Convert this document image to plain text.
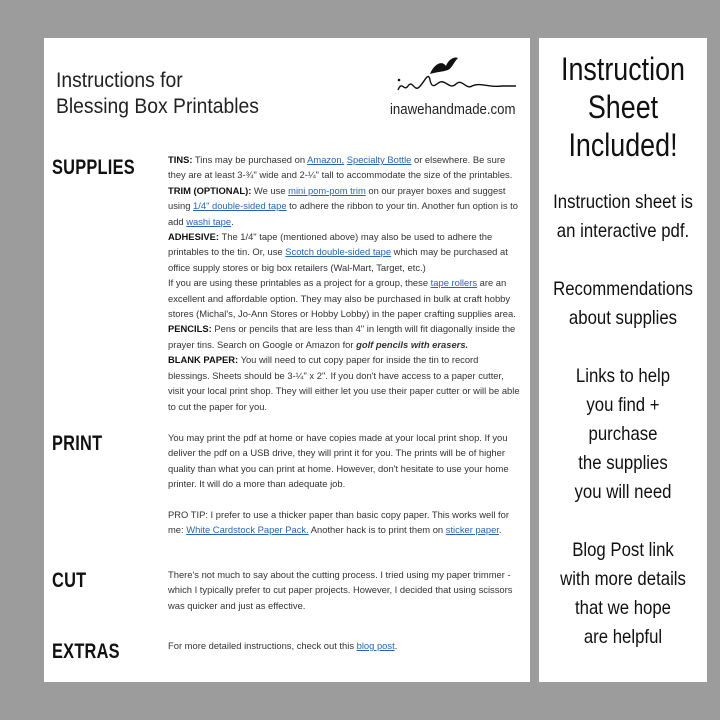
Instructions for
Blessing Box Printables	inawehandmade.com
SUPPLIES	TINS: Tins may be purchased on Amazon, Specialty Bottle or elsewhere. Be sure they are at least 3-¾" wide and 2-¼" tall to accommodate the size of the printables.
TRIM (OPTIONAL): We use mini pom-pom trim on our prayer boxes and suggest using 1/4" double-sided tape to adhere the ribbon to your tin. Another fun option is to add washi tape.
ADHESIVE: The 1/4" tape (mentioned above) may also be used to adhere the printables to the tin. Or, use Scotch double-sided tape which may be purchased at office supply stores or big box retailers (Wal-Mart, Target, etc.)
If you are using these printables as a project for a group, these tape rollers are an excellent and affordable option. They may also be purchased in bulk at craft hobby stores (Michal's, Jo-Ann Stores or Hobby Lobby) in the paper crafting supplies area.
PENCILS: Pens or pencils that are less than 4" in length will fit diagonally inside the prayer tins. Search on Google or Amazon for golf pencils with erasers.
BLANK PAPER: You will need to cut copy paper for inside the tin to record blessings. Sheets should be 3-¼" x 2". If you don't have access to a paper cutter, visit your local print shop. They will either let you use their paper cutter or will be able to cut the paper for you.
PRINT	You may print the pdf at home or have copies made at your local print shop. If you deliver the pdf on a USB drive, they will print it for you. The prints will be of higher quality than what you can print at home. However, don't hesitate to use your home printer. It will do a more than adequate job.
PRO TIP: I prefer to use a thicker paper than basic copy paper. This works well for me: White Cardstock Paper Pack. Another hack is to print them on sticker paper.
CUT	There's not much to say about the cutting process. I tried using my paper trimmer - which I typically prefer to cut paper projects. However, I decided that using scissors was quicker and just as effective.
EXTRAS	For more detailed instructions, check out this blog post.
Instruction
Sheet
Included!
Instruction sheet is
an interactive pdf.
Recommendations
about supplies
Links to help
you find + purchase
the supplies
you will need
Blog Post link
with more details
that we hope
are helpful
